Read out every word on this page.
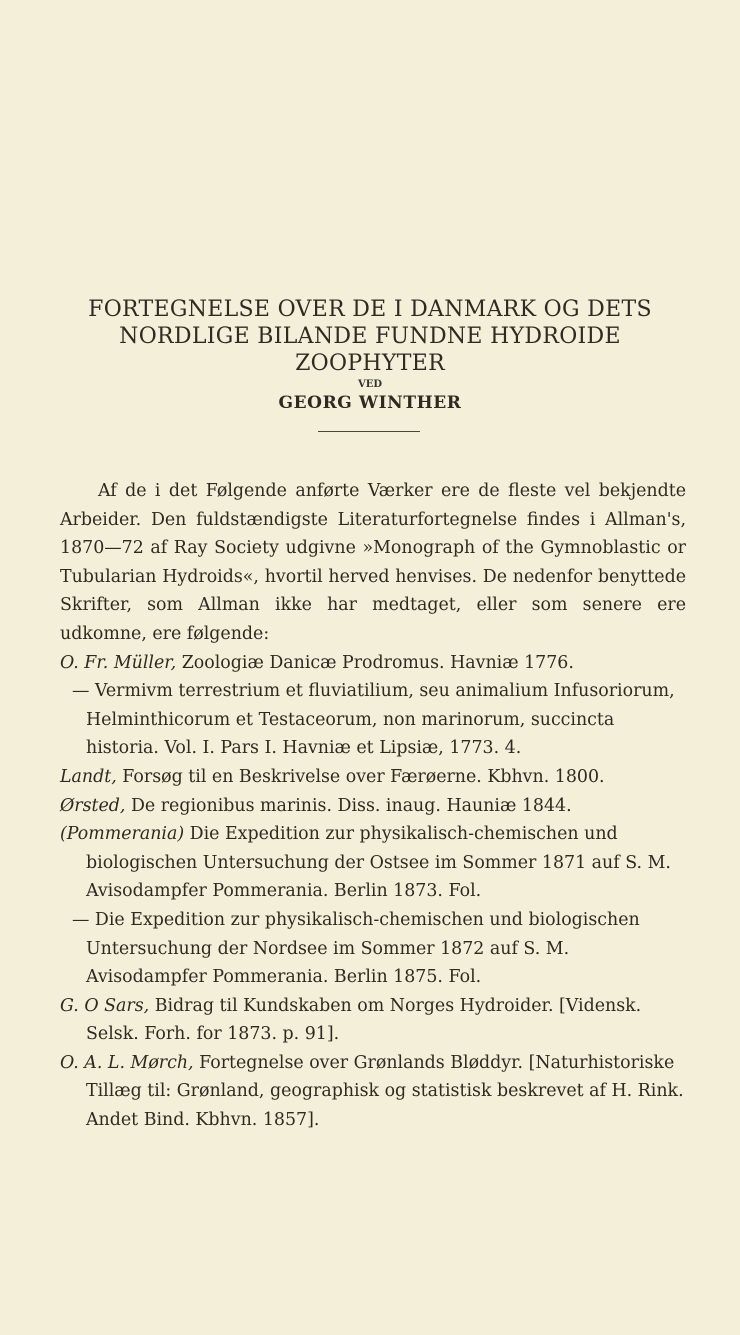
FORTEGNELSE OVER DE I DANMARK OG DETS
NORDLIGE BILANDE FUNDNE HYDROIDE
ZOOPHYTER
VED
GEORG WINTHER

Af de i det Følgende anførte Værker ere de fleste vel bekjendte Arbeider. Den fuldstændigste Literaturfortegnelse findes i Allman's, 1870—72 af Ray Society udgivne »Monograph of the Gymnoblastic or Tubularian Hydroids«, hvortil herved henvises. De nedenfor benyttede Skrifter, som Allman ikke har medtaget, eller som senere ere udkomne, ere følgende:

O. Fr. Müller, Zoologiæ Danicæ Prodromus. Havniæ 1776.

— Vermivm terrestrium et fluviatilium, seu animalium Infusoriorum, Helminthicorum et Testaceorum, non marinorum, succincta historia. Vol. I. Pars I. Havniæ et Lipsiæ, 1773. 4.

Landt, Forsøg til en Beskrivelse over Færøerne. Kbhvn. 1800.

Ørsted, De regionibus marinis. Diss. inaug. Hauniæ 1844.

(Pommerania) Die Expedition zur physikalisch-chemischen und biologischen Untersuchung der Ostsee im Sommer 1871 auf S. M. Avisodampfer Pommerania. Berlin 1873. Fol.

— Die Expedition zur physikalisch-chemischen und biologischen Untersuchung der Nordsee im Sommer 1872 auf S. M. Avisodampfer Pommerania. Berlin 1875. Fol.

G. O Sars, Bidrag til Kundskaben om Norges Hydroider. [Vidensk. Selsk. Forh. for 1873. p. 91].

O. A. L. Mørch, Fortegnelse over Grønlands Bløddyr. [Naturhistoriske Tillæg til: Grønland, geographisk og statistisk beskrevet af H. Rink. Andet Bind. Kbhvn. 1857].
